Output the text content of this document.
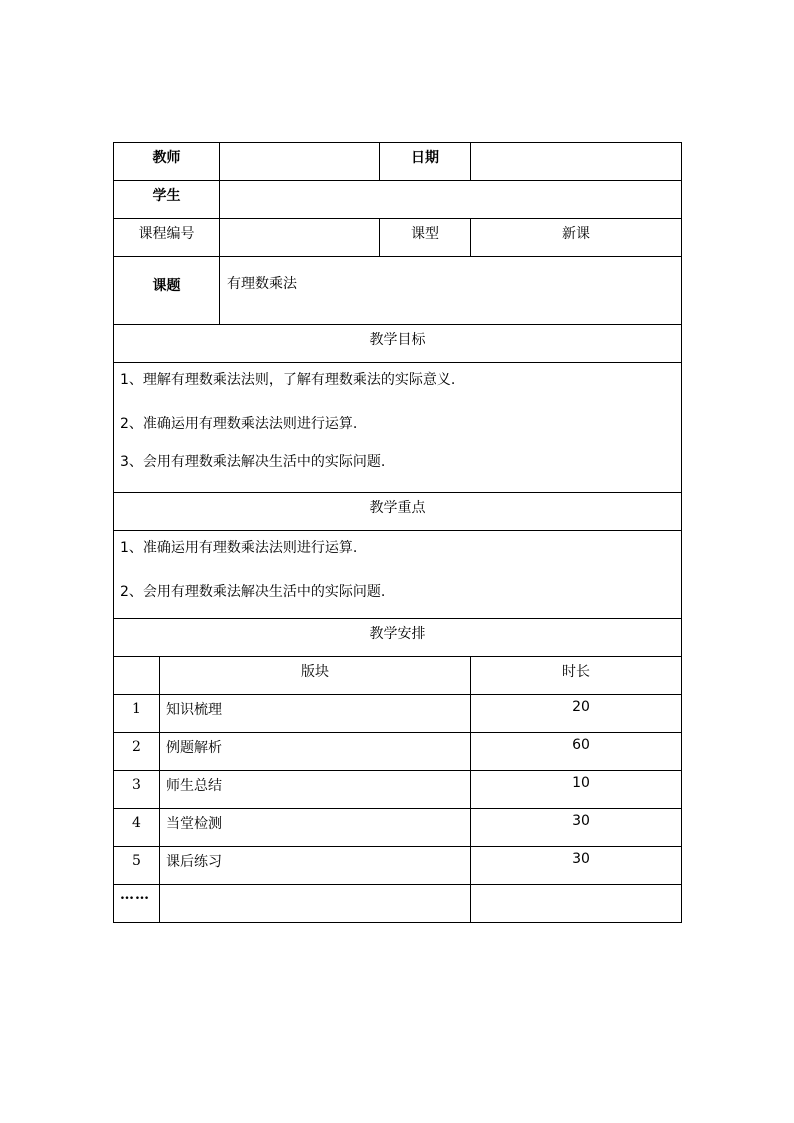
教师			日期	
学生				
课程编号			课型	新课
课题		有理数乘法		
教学目标				

1、理解有理数乘法法则，了解有理数乘法的实际意义.

2、准确运用有理数乘法法则进行运算.

3、会用有理数乘法解决生活中的实际问题.				

教学重点				

1、准确运用有理数乘法法则进行运算.

2、会用有理数乘法解决生活中的实际问题.				

教学安排				
	版块			时长
1	知识梳理			20
2	例题解析			60
3	师生总结			10
4	当堂检测			30
5	课后练习			30
……				
